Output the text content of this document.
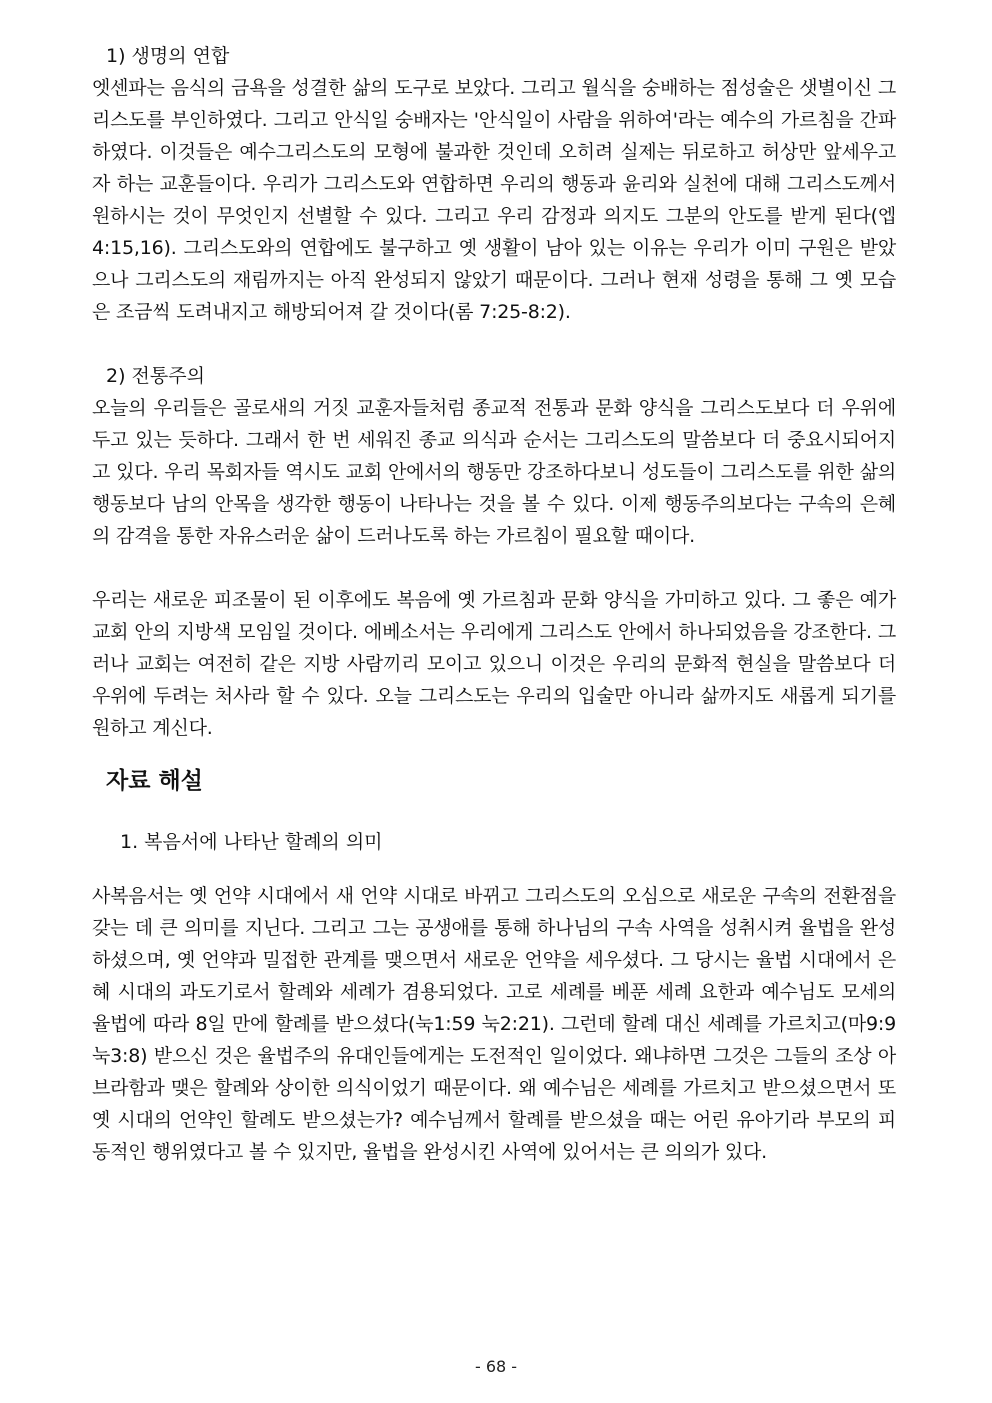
1) 생명의 연합

엣센파는 음식의 금욕을 성결한 삶의 도구로 보았다. 그리고 월식을 숭배하는 점성술은 샛별이신 그리스도를 부인하였다. 그리고 안식일 숭배자는 '안식일이 사람을 위하여'라는 예수의 가르침을 간파하였다. 이것들은 예수그리스도의 모형에 불과한 것인데 오히려 실제는 뒤로하고 허상만 앞세우고자 하는 교훈들이다. 우리가 그리스도와 연합하면 우리의 행동과 윤리와 실천에 대해 그리스도께서 원하시는 것이 무엇인지 선별할 수 있다. 그리고 우리 감정과 의지도 그분의 안도를 받게 된다(엡 4:15,16). 그리스도와의 연합에도 불구하고 옛 생활이 남아 있는 이유는 우리가 이미 구원은 받았으나 그리스도의 재림까지는 아직 완성되지 않았기 때문이다. 그러나 현재 성령을 통해 그 옛 모습은 조금씩 도려내지고 해방되어져 갈 것이다(롬 7:25-8:2).

2) 전통주의

오늘의 우리들은 골로새의 거짓 교훈자들처럼 종교적 전통과 문화 양식을 그리스도보다 더 우위에 두고 있는 듯하다. 그래서 한 번 세워진 종교 의식과 순서는 그리스도의 말씀보다 더 중요시되어지고 있다. 우리 목회자들 역시도 교회 안에서의 행동만 강조하다보니 성도들이 그리스도를 위한 삶의 행동보다 남의 안목을 생각한 행동이 나타나는 것을 볼 수 있다. 이제 행동주의보다는 구속의 은혜의 감격을 통한 자유스러운 삶이 드러나도록 하는 가르침이 필요할 때이다.

우리는 새로운 피조물이 된 이후에도 복음에 옛 가르침과 문화 양식을 가미하고 있다. 그 좋은 예가 교회 안의 지방색 모임일 것이다. 에베소서는 우리에게 그리스도 안에서 하나되었음을 강조한다. 그러나 교회는 여전히 같은 지방 사람끼리 모이고 있으니 이것은 우리의 문화적 현실을 말씀보다 더 우위에 두려는 처사라 할 수 있다. 오늘 그리스도는 우리의 입술만 아니라 삶까지도 새롭게 되기를 원하고 계신다.

자료 해설
1. 복음서에 나타난 할례의 의미

사복음서는 옛 언약 시대에서 새 언약 시대로 바뀌고 그리스도의 오심으로 새로운 구속의 전환점을 갖는 데 큰 의미를 지닌다. 그리고 그는 공생애를 통해 하나님의 구속 사역을 성취시켜 율법을 완성하셨으며, 옛 언약과 밀접한 관계를 맺으면서 새로운 언약을 세우셨다. 그 당시는 율법 시대에서 은혜 시대의 과도기로서 할례와 세례가 겸용되었다. 고로 세례를 베푼 세례 요한과 예수님도 모세의 율법에 따라 8일 만에 할례를 받으셨다(눅1:59 눅2:21). 그런데 할례 대신 세례를 가르치고(마9:9 눅3:8) 받으신 것은 율법주의 유대인들에게는 도전적인 일이었다. 왜냐하면 그것은 그들의 조상 아브라함과 맺은 할례와 상이한 의식이었기 때문이다. 왜 예수님은 세례를 가르치고 받으셨으면서 또 옛 시대의 언약인 할례도 받으셨는가? 예수님께서 할례를 받으셨을 때는 어린 유아기라 부모의 피동적인 행위였다고 볼 수 있지만, 율법을 완성시킨 사역에 있어서는 큰 의의가 있다.

- 68 -
